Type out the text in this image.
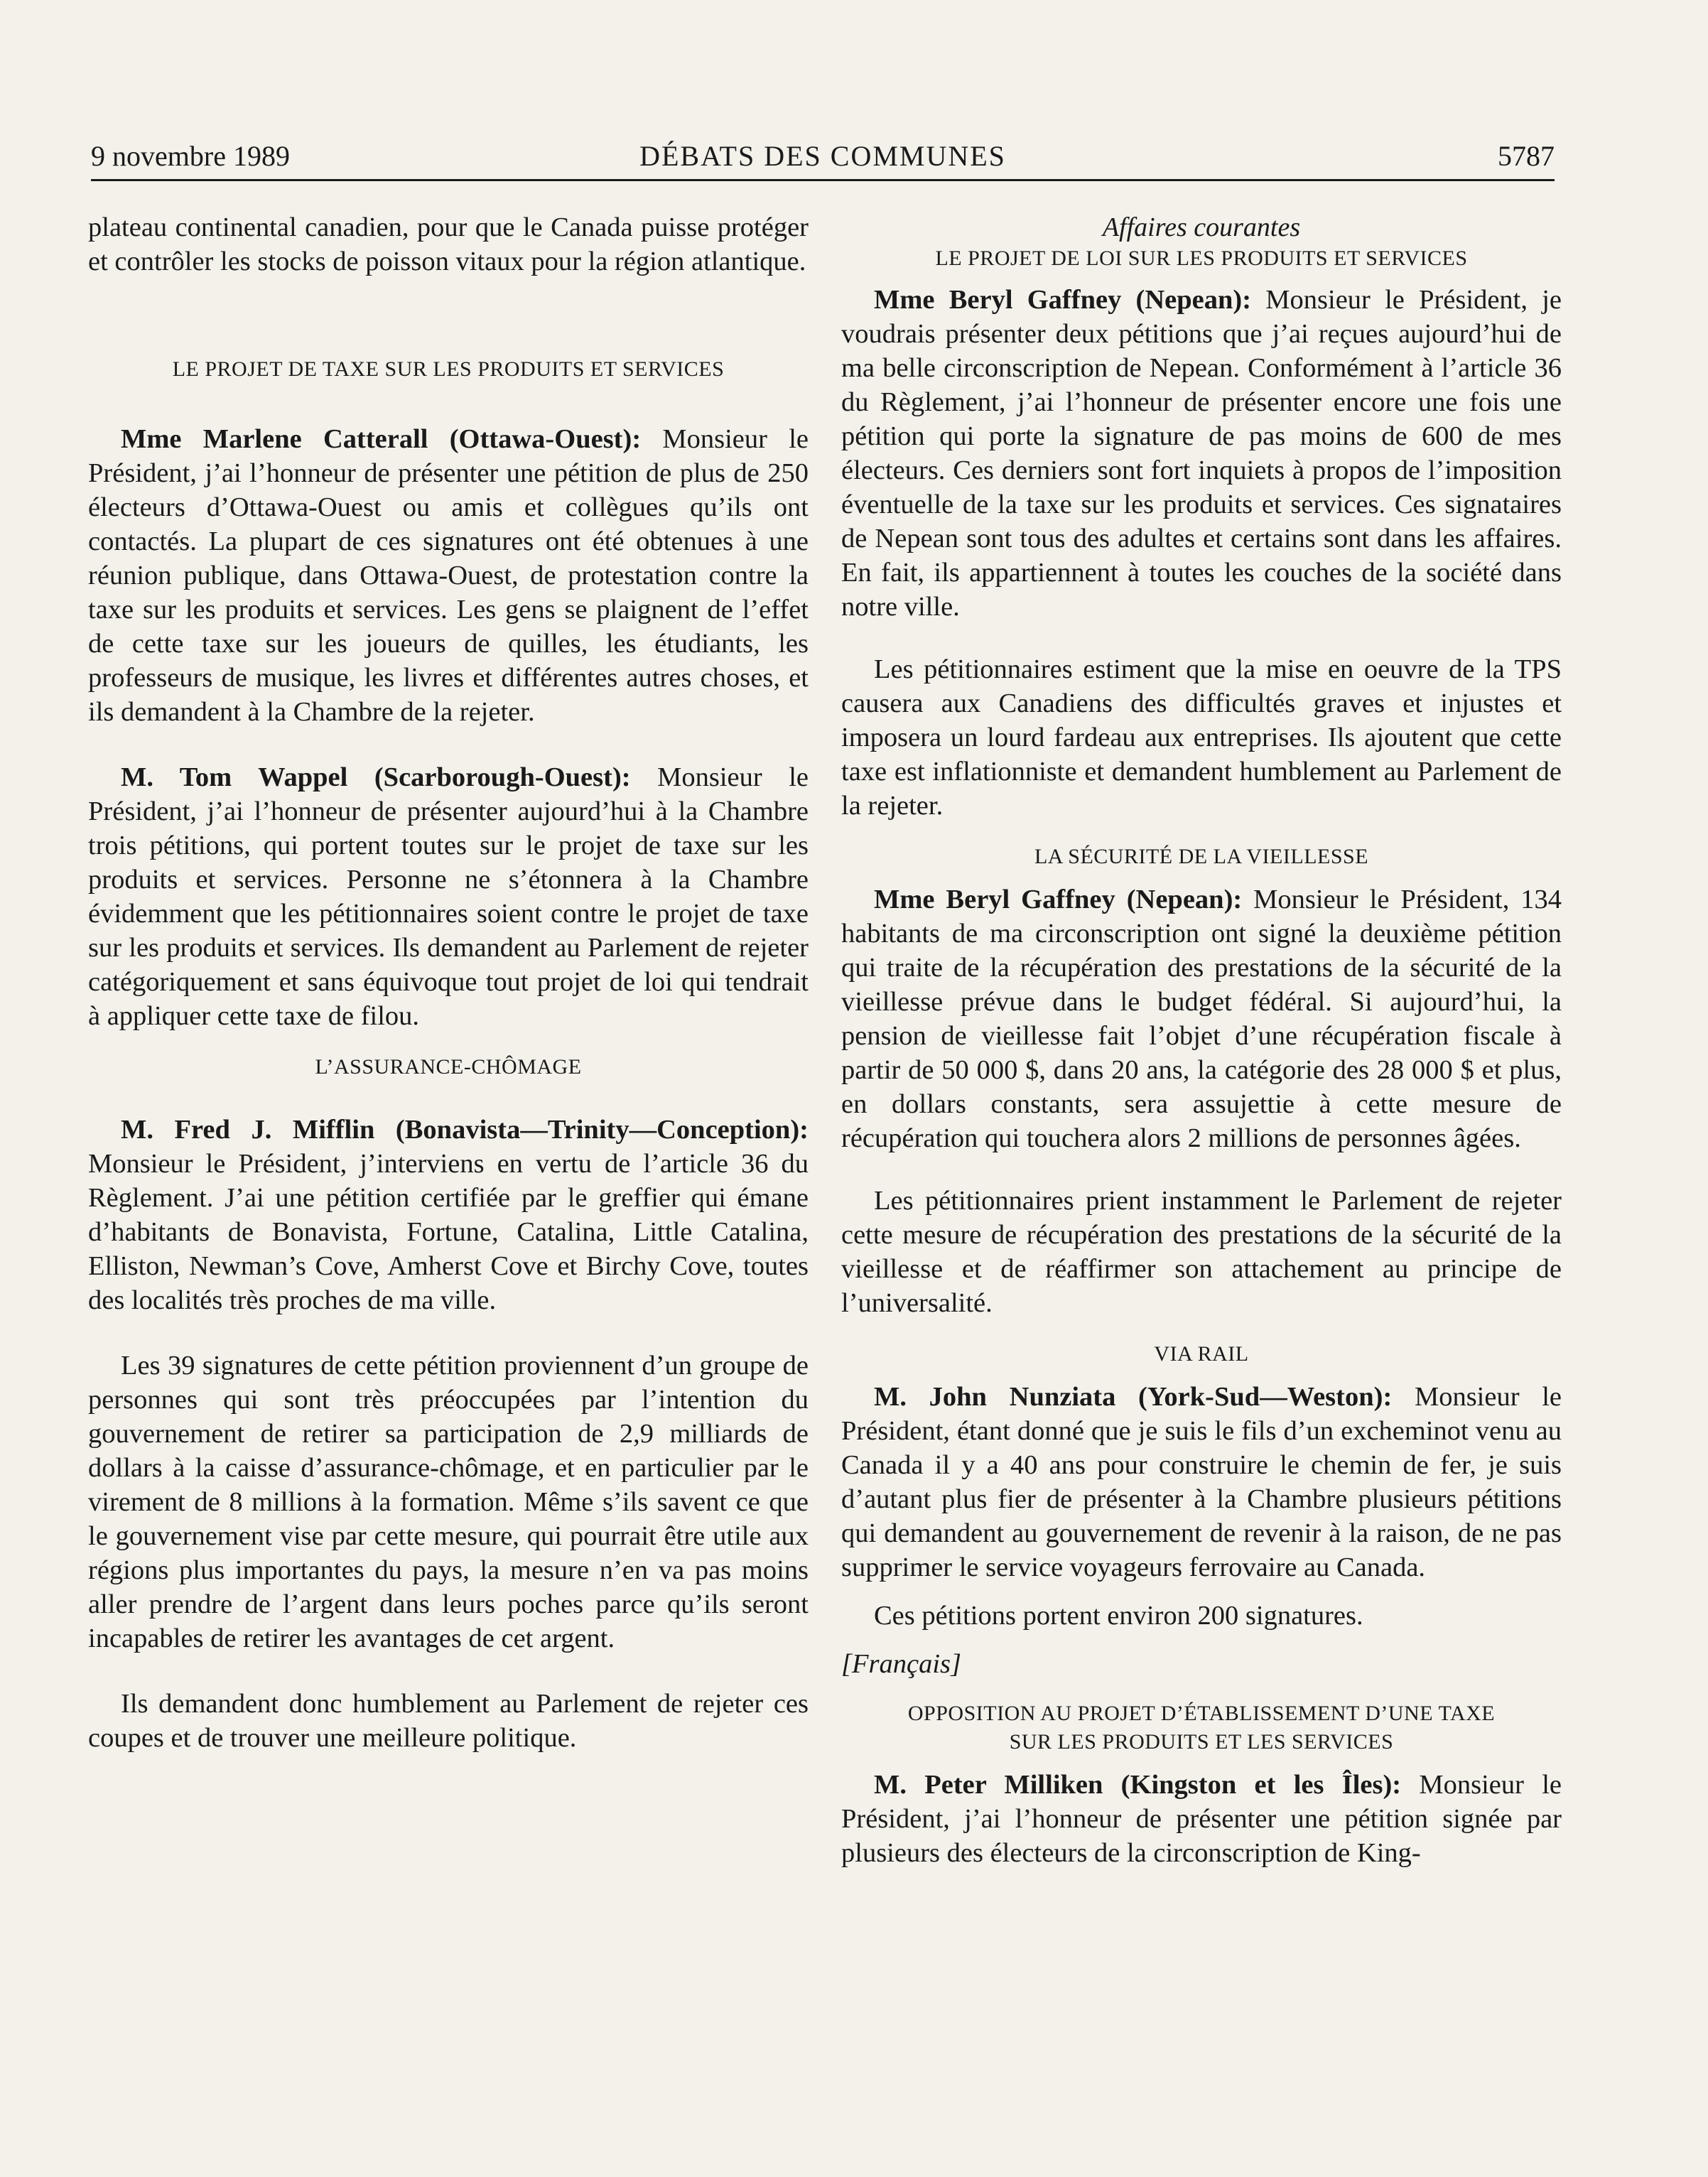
9 novembre 1989	DÉBATS DES COMMUNES	5787

plateau continental canadien, pour que le Canada puisse protéger et contrôler les stocks de poisson vitaux pour la région atlantique.

LE PROJET DE TAXE SUR LES PRODUITS ET SERVICES

Mme Marlene Catterall (Ottawa-Ouest): Monsieur le Président, j’ai l’honneur de présenter une pétition de plus de 250 électeurs d’Ottawa-Ouest ou amis et collègues qu’ils ont contactés. La plupart de ces signatures ont été obtenues à une réunion publique, dans Ottawa-Ouest, de protestation contre la taxe sur les produits et services. Les gens se plaignent de l’effet de cette taxe sur les joueurs de quilles, les étudiants, les professeurs de musique, les livres et différentes autres choses, et ils demandent à la Chambre de la rejeter.

M. Tom Wappel (Scarborough-Ouest): Monsieur le Président, j’ai l’honneur de présenter aujourd’hui à la Chambre trois pétitions, qui portent toutes sur le projet de taxe sur les produits et services. Personne ne s’étonnera à la Chambre évidemment que les pétitionnaires soient contre le projet de taxe sur les produits et services. Ils demandent au Parlement de rejeter catégoriquement et sans équivoque tout projet de loi qui tendrait à appliquer cette taxe de filou.

L’ASSURANCE-CHÔMAGE

M. Fred J. Mifflin (Bonavista—Trinity—Conception): Monsieur le Président, j’interviens en vertu de l’article 36 du Règlement. J’ai une pétition certifiée par le greffier qui émane d’habitants de Bonavista, Fortune, Catalina, Little Catalina, Elliston, Newman’s Cove, Amherst Cove et Birchy Cove, toutes des localités très proches de ma ville.

Les 39 signatures de cette pétition proviennent d’un groupe de personnes qui sont très préoccupées par l’intention du gouvernement de retirer sa participation de 2,9 milliards de dollars à la caisse d’assurance-chômage, et en particulier par le virement de 8 millions à la formation. Même s’ils savent ce que le gouvernement vise par cette mesure, qui pourrait être utile aux régions plus importantes du pays, la mesure n’en va pas moins aller prendre de l’argent dans leurs poches parce qu’ils seront incapables de retirer les avantages de cet argent.

Ils demandent donc humblement au Parlement de rejeter ces coupes et de trouver une meilleure politique.

Affaires courantes
LE PROJET DE LOI SUR LES PRODUITS ET SERVICES

Mme Beryl Gaffney (Nepean): Monsieur le Président, je voudrais présenter deux pétitions que j’ai reçues aujourd’hui de ma belle circonscription de Nepean. Conformément à l’article 36 du Règlement, j’ai l’honneur de présenter encore une fois une pétition qui porte la signature de pas moins de 600 de mes électeurs. Ces derniers sont fort inquiets à propos de l’imposition éventuelle de la taxe sur les produits et services. Ces signataires de Nepean sont tous des adultes et certains sont dans les affaires. En fait, ils appartiennent à toutes les couches de la société dans notre ville.

Les pétitionnaires estiment que la mise en oeuvre de la TPS causera aux Canadiens des difficultés graves et injustes et imposera un lourd fardeau aux entreprises. Ils ajoutent que cette taxe est inflationniste et demandent humblement au Parlement de la rejeter.

LA SÉCURITÉ DE LA VIEILLESSE

Mme Beryl Gaffney (Nepean): Monsieur le Président, 134 habitants de ma circonscription ont signé la deuxième pétition qui traite de la récupération des prestations de la sécurité de la vieillesse prévue dans le budget fédéral. Si aujourd’hui, la pension de vieillesse fait l’objet d’une récupération fiscale à partir de 50 000 $, dans 20 ans, la catégorie des 28 000 $ et plus, en dollars constants, sera assujettie à cette mesure de récupération qui touchera alors 2 millions de personnes âgées.

Les pétitionnaires prient instamment le Parlement de rejeter cette mesure de récupération des prestations de la sécurité de la vieillesse et de réaffirmer son attachement au principe de l’universalité.

VIA RAIL

M. John Nunziata (York-Sud—Weston): Monsieur le Président, étant donné que je suis le fils d’un excheminot venu au Canada il y a 40 ans pour construire le chemin de fer, je suis d’autant plus fier de présenter à la Chambre plusieurs pétitions qui demandent au gouvernement de revenir à la raison, de ne pas supprimer le service voyageurs ferrovaire au Canada.

Ces pétitions portent environ 200 signatures.

[Français]

OPPOSITION AU PROJET D’ÉTABLISSEMENT D’UNE TAXE
SUR LES PRODUITS ET LES SERVICES

M. Peter Milliken (Kingston et les Îles): Monsieur le Président, j’ai l’honneur de présenter une pétition signée par plusieurs des électeurs de la circonscription de King-
